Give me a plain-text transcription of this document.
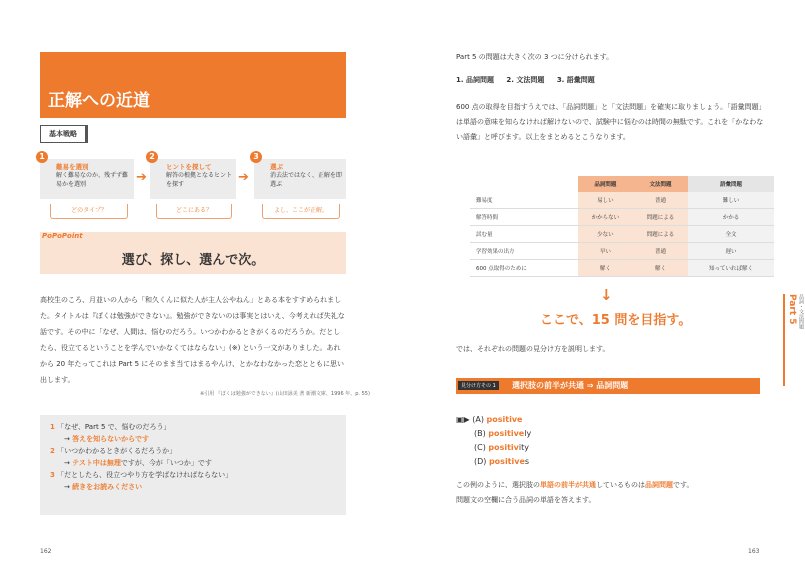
正解への近道
基本戦略
難易を選別
解く難易なのか、残ずず難易かを選別
1
➔
ヒントを探して
解答の根拠となるヒントを探す
2
➔
選ぶ
消去法ではなく、正解を即選ぶ
3
どのタイプ？	どこにある？	よし、ここが正解。
PoPoPoint
選び、探し、選んで次。
高校生のころ、月並いの人から「和久くんに似た人が主人公やねん」とある本をすすめられました。タイトルは『ぼくは勉強ができない』。勉強ができないのは事実とはいえ、今考えれば失礼な話です。その中に「なぜ、人間は、悩むのだろう。いつかわかるときがくるのだろうか。だとしたら、役立てるということを学んでいかなくてはならない」(※) という一文がありました。あれから 20 年たってこれは Part 5 にそのまま当てはまるやんけ、とかなわなかった恋とともに思い出します。
※引用 『ぼくは勉強ができない』(山田詠美 著 新潮文庫、1996 年、p. 55)
1 「なぜ、Part 5 で、悩むのだろう」
→ 答えを知らないからです
2 「いつかわかるときがくるだろうか」
→ テスト中は無理ですが、今が「いつか」です
3 「だとしたら、役立つやり方を学ばなければならない」
→ 続きをお読みください
162
Part 5 の問題は大きく次の 3 つに分けられます。
1. 品詞問題 2. 文法問題 3. 語彙問題
600 点の取得を目指すうえでは、「品詞問題」と「文法問題」を確実に取りましょう。「語彙問題」は単語の意味を知らなければ解けないので、試験中に悩むのは時間の無駄です。これを「かなわない語彙」と呼びます。以上をまとめるとこうなります。
	品詞問題	文法問題	語彙問題
難易度	易しい	普通	難しい
解答時間	かからない	問題による	かかる
試む量	少ない	問題による	全文
学習効果の出方	早い	普通	遅い
600 点取得のために	解く	解く	知っていれば解く
↓
ここで、15 問を目指す。
では、それぞれの問題の見分け方を説明します。
見分け方その 1	選択肢の前半が共通 ⇒ 品詞問題
▣▶ (A) positive
(B) positively
(C) positivity
(D) positives
この例のように、選択肢の単語の前半が共通しているものは品詞問題です。
問題文の空欄に合う品詞の単語を答えます。
Part 5 品詞・文法問題
163
